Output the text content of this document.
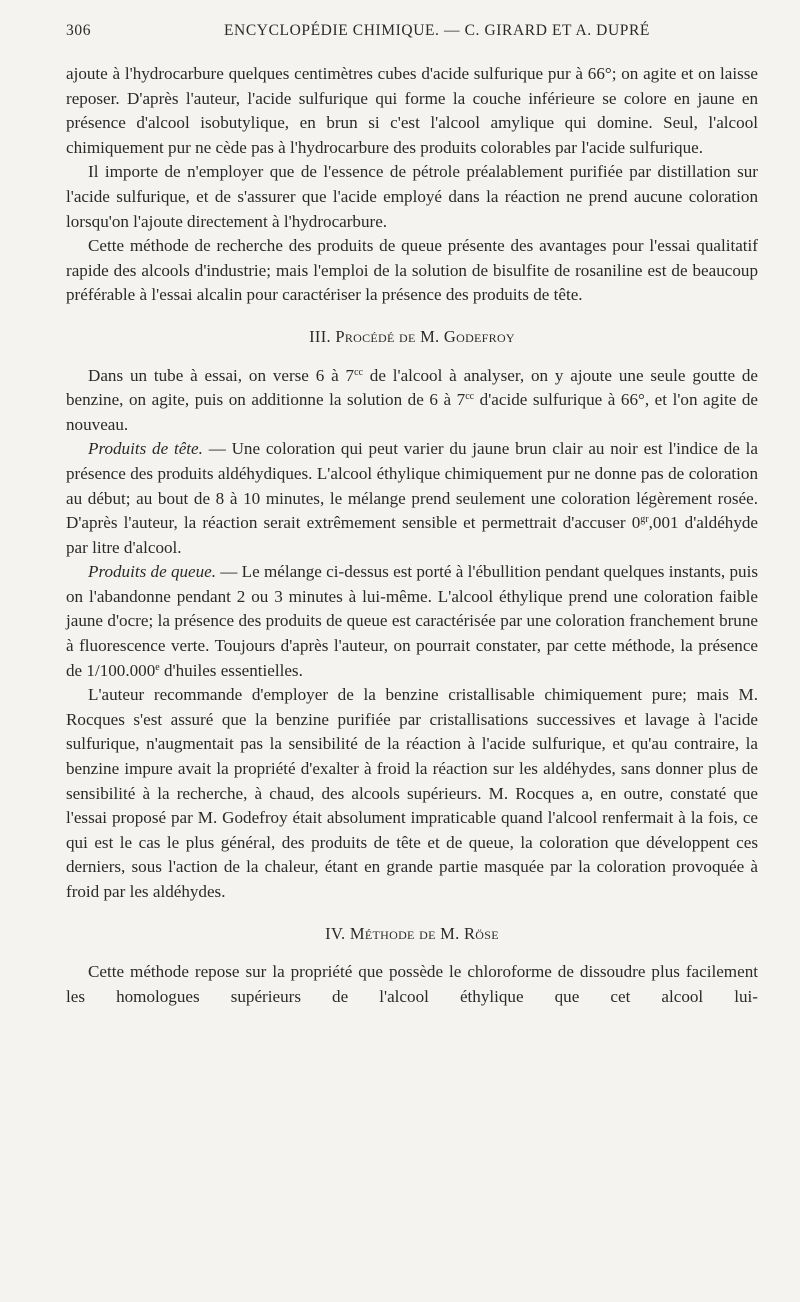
306	ENCYCLOPÉDIE CHIMIQUE. — C. GIRARD ET A. DUPRÉ

ajoute à l'hydrocarbure quelques centimètres cubes d'acide sulfurique pur à 66°; on agite et on laisse reposer. D'après l'auteur, l'acide sulfurique qui forme la couche inférieure se colore en jaune en présence d'alcool isobutylique, en brun si c'est l'alcool amylique qui domine. Seul, l'alcool chimiquement pur ne cède pas à l'hydrocarbure des produits colorables par l'acide sulfurique.

Il importe de n'employer que de l'essence de pétrole préalablement purifiée par distillation sur l'acide sulfurique, et de s'assurer que l'acide employé dans la réaction ne prend aucune coloration lorsqu'on l'ajoute directement à l'hydrocarbure.

Cette méthode de recherche des produits de queue présente des avantages pour l'essai qualitatif rapide des alcools d'industrie; mais l'emploi de la solution de bisulfite de rosaniline est de beaucoup préférable à l'essai alcalin pour caractériser la présence des produits de tête.

III. Procédé de M. Godefroy

Dans un tube à essai, on verse 6 à $7^{cc}$ de l'alcool à analyser, on y ajoute une seule goutte de benzine, on agite, puis on additionne la solution de 6 à $7^{cc}$ d'acide sulfurique à 66°, et l'on agite de nouveau.

Produits de tête. — Une coloration qui peut varier du jaune brun clair au noir est l'indice de la présence des produits aldéhydiques. L'alcool éthylique chimiquement pur ne donne pas de coloration au début; au bout de 8 à 10 minutes, le mélange prend seulement une coloration légèrement rosée. D'après l'auteur, la réaction serait extrêmement sensible et permettrait d'accuser $0^{gr},001$ d'aldéhyde par litre d'alcool.

Produits de queue. — Le mélange ci-dessus est porté à l'ébullition pendant quelques instants, puis on l'abandonne pendant 2 ou 3 minutes à lui-même. L'alcool éthylique prend une coloration faible jaune d'ocre; la présence des produits de queue est caractérisée par une coloration franchement brune à fluorescence verte. Toujours d'après l'auteur, on pourrait constater, par cette méthode, la présence de 1/100.000e d'huiles essentielles.

L'auteur recommande d'employer de la benzine cristallisable chimiquement pure; mais M. Rocques s'est assuré que la benzine purifiée par cristallisations successives et lavage à l'acide sulfurique, n'augmentait pas la sensibilité de la réaction à l'acide sulfurique, et qu'au contraire, la benzine impure avait la propriété d'exalter à froid la réaction sur les aldéhydes, sans donner plus de sensibilité à la recherche, à chaud, des alcools supérieurs. M. Rocques a, en outre, constaté que l'essai proposé par M. Godefroy était absolument impraticable quand l'alcool renfermait à la fois, ce qui est le cas le plus général, des produits de tête et de queue, la coloration que développent ces derniers, sous l'action de la chaleur, étant en grande partie masquée par la coloration provoquée à froid par les aldéhydes.

IV. Méthode de M. Röse

Cette méthode repose sur la propriété que possède le chloroforme de dissoudre plus facilement les homologues supérieurs de l'alcool éthylique que cet alcool lui-
